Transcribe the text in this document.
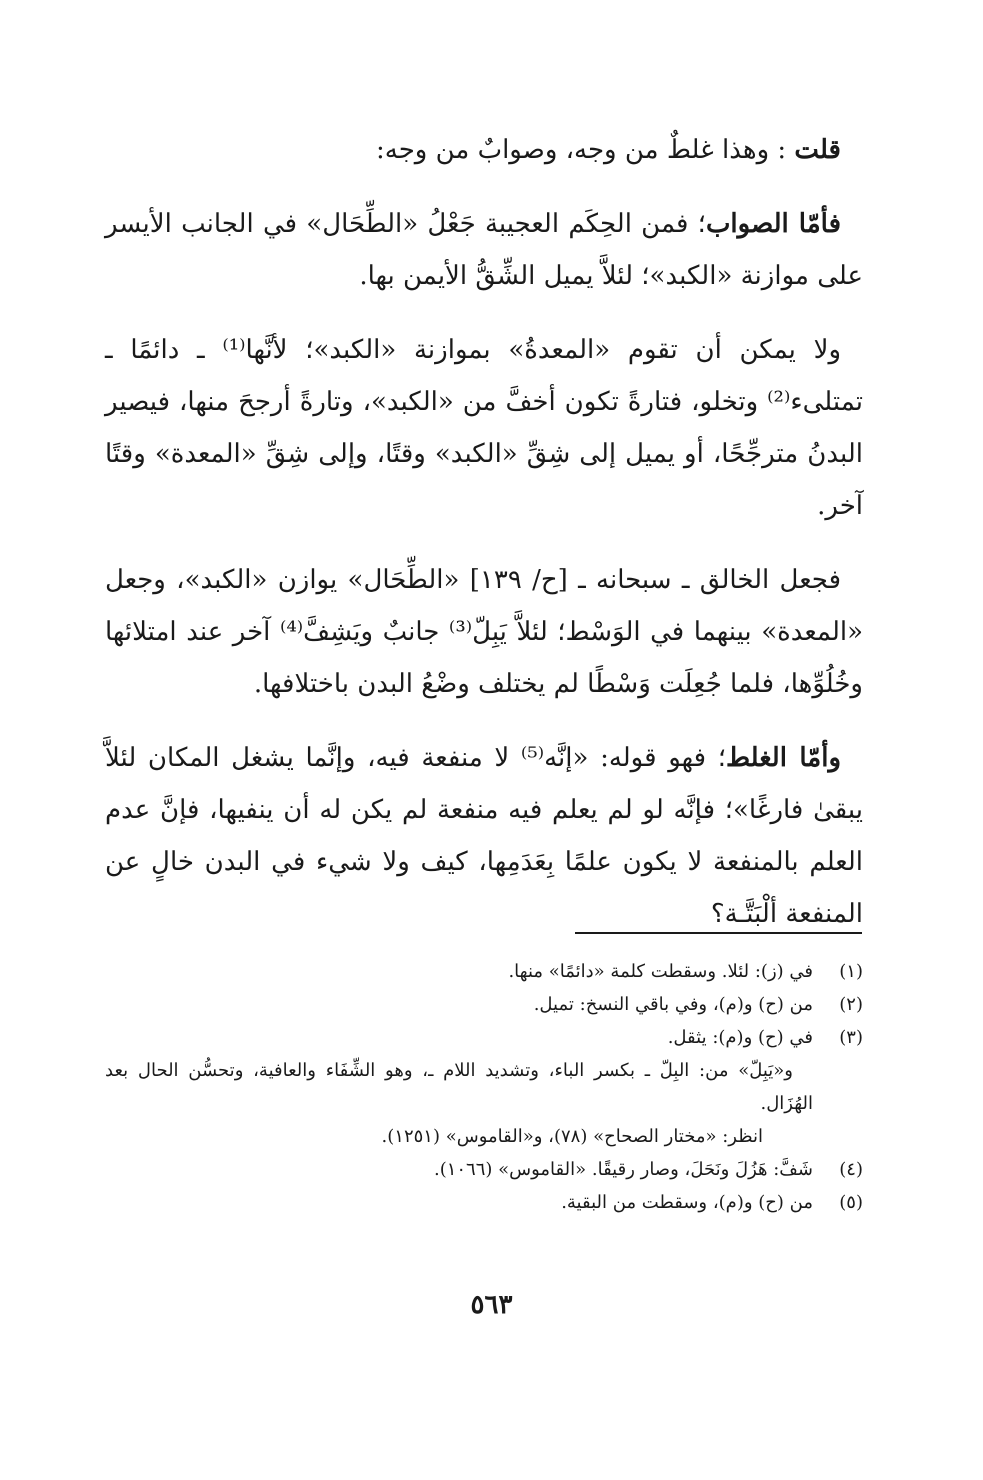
قلت : وهذا غلطٌ من وجه، وصوابٌ من وجه:

فأمّا الصواب؛ فمن الحِكَم العجيبة جَعْلُ «الطِّحَال» في الجانب الأيسر على موازنة «الكبد»؛ لئلاَّ يميل الشِّقُّ الأيمن بها.

ولا يمكن أن تقوم «المعدةُ» بموازنة «الكبد»؛ لأنَّها⁽¹⁾ ـ دائمًا ـ تمتلىء⁽²⁾ وتخلو، فتارةً تكون أخفَّ من «الكبد»، وتارةً أرجحَ منها، فيصير البدنُ مترجِّحًا، أو يميل إلى شِقِّ «الكبد» وقتًا، وإلى شِقِّ «المعدة» وقتًا آخر.

فجعل الخالق ـ سبحانه ـ [ح/ ١٣٩] «الطِّحَال» يوازن «الكبد»، وجعل «المعدة» بينهما في الوَسْط؛ لئلاَّ يَبِلّ⁽³⁾ جانبٌ ويَشِفَّ⁽⁴⁾ آخر عند امتلائها وخُلُوِّها، فلما جُعِلَت وَسْطًا لم يختلف وضْعُ البدن باختلافها.

وأمّا الغلط؛ فهو قوله: «إنَّه⁽⁵⁾ لا منفعة فيه، وإنَّما يشغل المكان لئلاَّ يبقىٰ فارغًا»؛ فإنَّه لو لم يعلم فيه منفعة لم يكن له أن ينفيها، فإنَّ عدم العلم بالمنفعة لا يكون علمًا بِعَدَمِها، كيف ولا شيء في البدن خالٍ عن المنفعة ألْبَتَّـة؟

(١)
في (ز): لئلا. وسقطت كلمة «دائمًا» منها.

(٢)
من (ح) و(م)، وفي باقي النسخ: تميل.

(٣)
في (ح) و(م): يثقل.

و«يَبِلّ» من: البِلّ ـ بكسر الباء، وتشديد اللام ـ، وهو الشِّفَاء والعافية، وتحسُّن الحال بعد الهُزَال.

انظر: «مختار الصحاح» (٧٨)، و«القاموس» (١٢٥١).

(٤)
شَفَّ: هَزُلَ ونَحَلَ، وصار رقيقًا. «القاموس» (١٠٦٦).

(٥)
من (ح) و(م)، وسقطت من البقية.

٥٦٣
